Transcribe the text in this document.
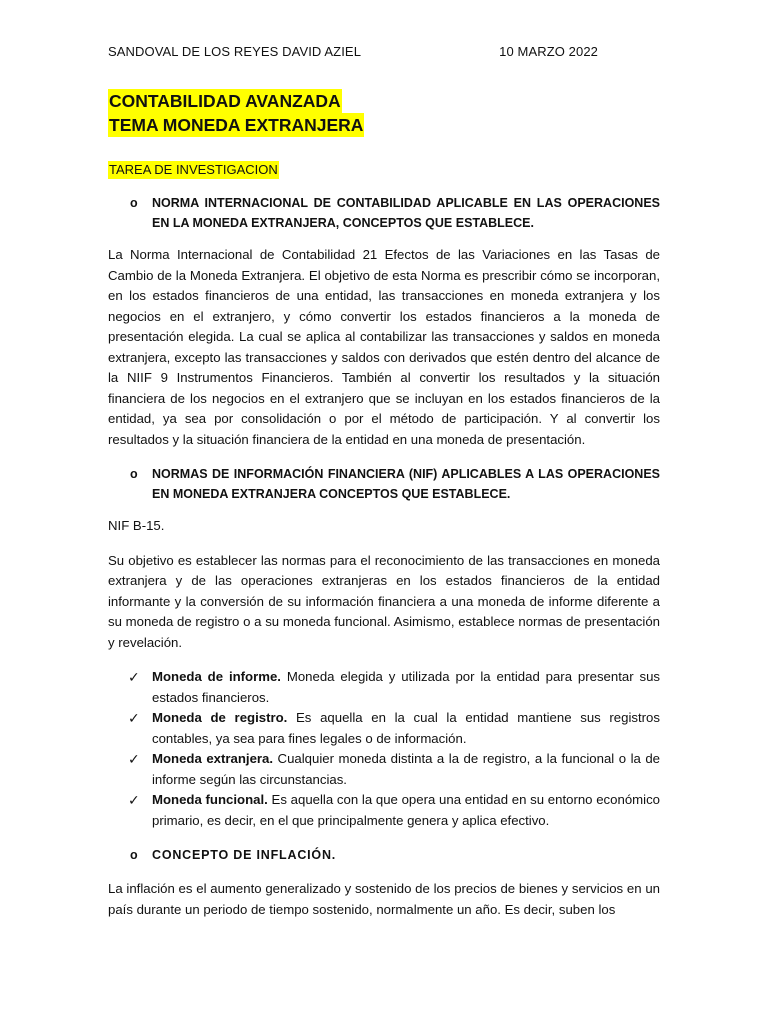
SANDOVAL DE LOS REYES DAVID AZIEL	10 MARZO 2022
CONTABILIDAD AVANZADA
TEMA MONEDA EXTRANJERA
TAREA DE INVESTIGACION
o	NORMA INTERNACIONAL DE CONTABILIDAD APLICABLE EN LAS OPERACIONES EN LA MONEDA EXTRANJERA, CONCEPTOS QUE ESTABLECE.

La Norma Internacional de Contabilidad 21 Efectos de las Variaciones en las Tasas de Cambio de la Moneda Extranjera. El objetivo de esta Norma es prescribir cómo se incorporan, en los estados financieros de una entidad, las transacciones en moneda extranjera y los negocios en el extranjero, y cómo convertir los estados financieros a la moneda de presentación elegida. La cual se aplica al contabilizar las transacciones y saldos en moneda extranjera, excepto las transacciones y saldos con derivados que estén dentro del alcance de la NIIF 9 Instrumentos Financieros. También al convertir los resultados y la situación financiera de los negocios en el extranjero que se incluyan en los estados financieros de la entidad, ya sea por consolidación o por el método de participación. Y al convertir los resultados y la situación financiera de la entidad en una moneda de presentación.

o	NORMAS DE INFORMACIÓN FINANCIERA (NIF) APLICABLES A LAS OPERACIONES EN MONEDA EXTRANJERA CONCEPTOS QUE ESTABLECE.

NIF B-15.

Su objetivo es establecer las normas para el reconocimiento de las transacciones en moneda extranjera y de las operaciones extranjeras en los estados financieros de la entidad informante y la conversión de su información financiera a una moneda de informe diferente a su moneda de registro o a su moneda funcional. Asimismo, establece normas de presentación y revelación.

✓ Moneda de informe. Moneda elegida y utilizada por la entidad para presentar sus estados financieros.
✓ Moneda de registro. Es aquella en la cual la entidad mantiene sus registros contables, ya sea para fines legales o de información.
✓ Moneda extranjera. Cualquier moneda distinta a la de registro, a la funcional o la de informe según las circunstancias.
✓ Moneda funcional. Es aquella con la que opera una entidad en su entorno económico primario, es decir, en el que principalmente genera y aplica efectivo.
o	CONCEPTO DE INFLACIÓN.

La inflación es el aumento generalizado y sostenido de los precios de bienes y servicios en un país durante un periodo de tiempo sostenido, normalmente un año. Es decir, suben los
